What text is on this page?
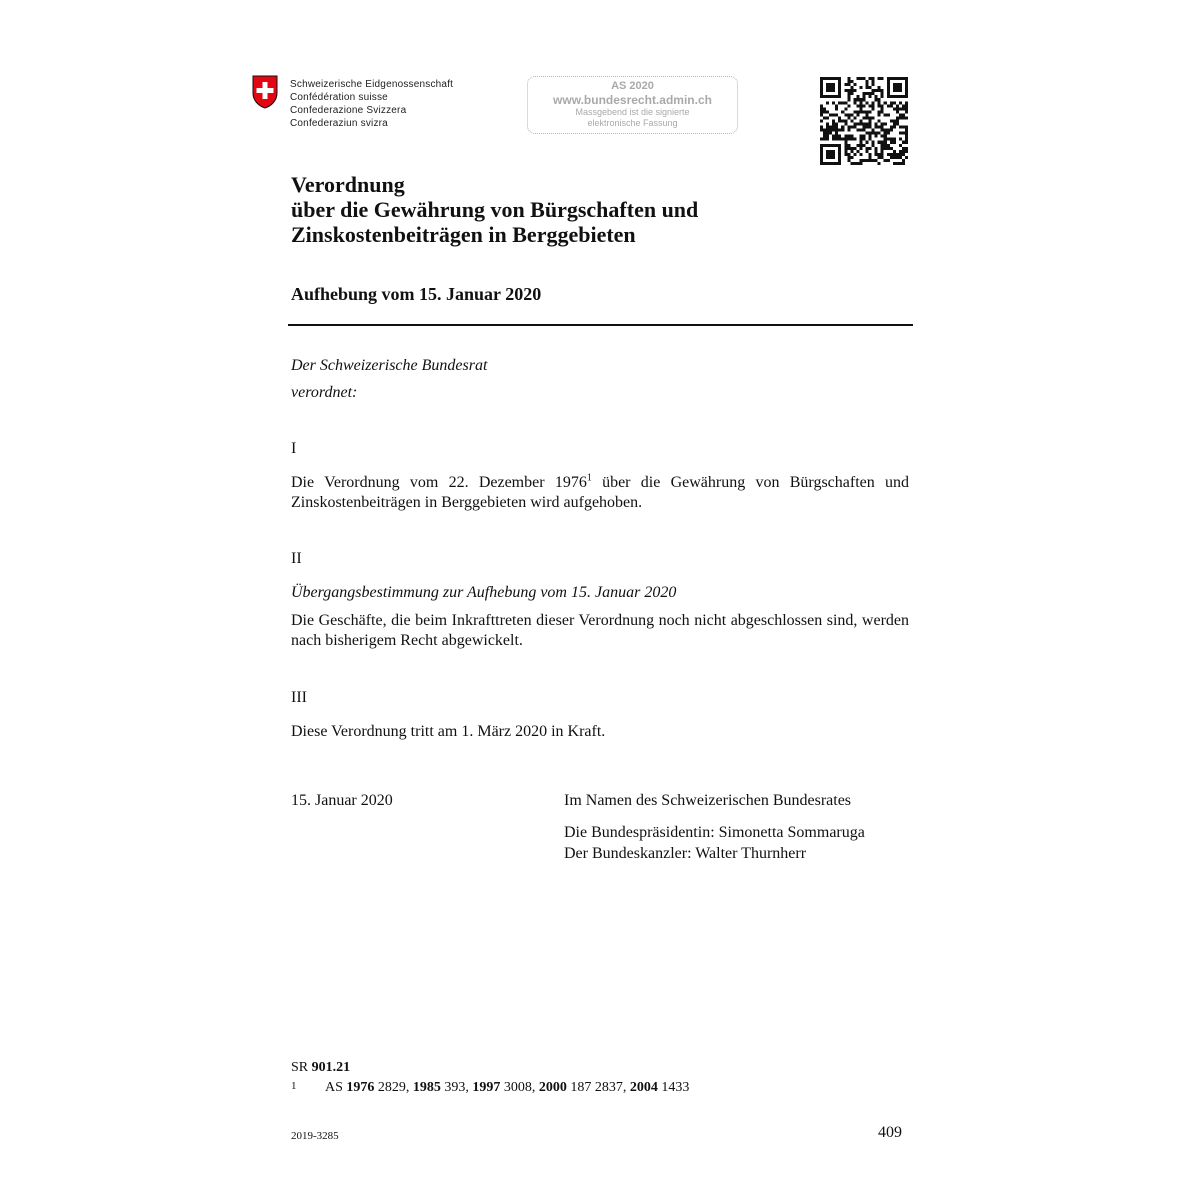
Schweizerische Eidgenossenschaft
Confédération suisse
Confederazione Svizzera
Confederaziun svizra
AS 2020
www.bundesrecht.admin.ch
Massgebend ist die signierte
elektronische Fassung
Verordnung
über die Gewährung von Bürgschaften und
Zinskostenbeiträgen in Berggebieten
Aufhebung vom 15. Januar 2020
Der Schweizerische Bundesrat
verordnet:
I
Die Verordnung vom 22. Dezember 1976$^1$ über die Gewährung von Bürgschaften und Zinskostenbeiträgen in Berggebieten wird aufgehoben.
II
Übergangsbestimmung zur Aufhebung vom 15. Januar 2020
Die Geschäfte, die beim Inkrafttreten dieser Verordnung noch nicht abgeschlossen sind, werden nach bisherigem Recht abgewickelt.
III
Diese Verordnung tritt am 1. März 2020 in Kraft.
15. Januar 2020	Im Namen des Schweizerischen Bundesrates
Die Bundespräsidentin: Simonetta Sommaruga
Der Bundeskanzler: Walter Thurnherr
SR 901.21
1 AS 1976 2829, 1985 393, 1997 3008, 2000 187 2837, 2004 1433
2019-3285	409
